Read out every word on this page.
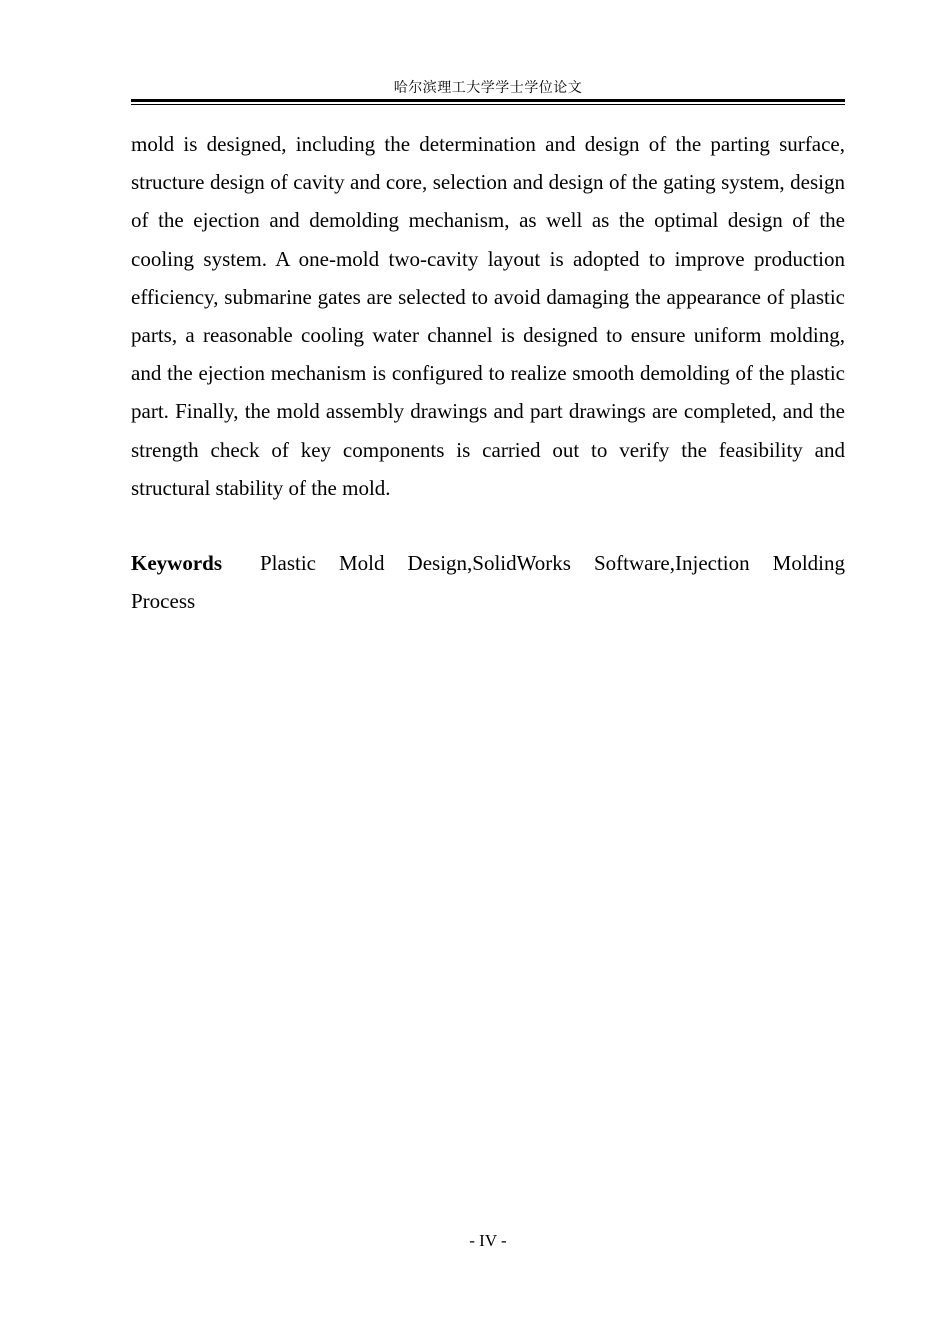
哈尔滨理工大学学士学位论文

mold is designed, including the determination and design of the parting surface, structure design of cavity and core, selection and design of the gating system, design of the ejection and demolding mechanism, as well as the optimal design of the cooling system. A one-mold two-cavity layout is adopted to improve production efficiency, submarine gates are selected to avoid damaging the appearance of plastic parts, a reasonable cooling water channel is designed to ensure uniform molding, and the ejection mechanism is configured to realize smooth demolding of the plastic part. Finally, the mold assembly drawings and part drawings are completed, and the strength check of key components is carried out to verify the feasibility and structural stability of the mold.

Keywords Plastic Mold Design,SolidWorks Software,Injection Molding Process

- IV -
